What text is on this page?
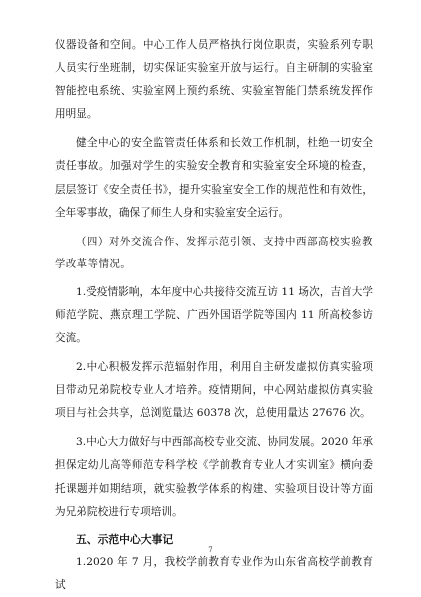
仪器设备和空间。中心工作人员严格执行岗位职责，实验系列专职人员实行坐班制，切实保证实验室开放与运行。自主研制的实验室智能控电系统、实验室网上预约系统、实验室智能门禁系统发挥作用明显。

健全中心的安全监管责任体系和长效工作机制，杜绝一切安全责任事故。加强对学生的实验安全教育和实验室安全环境的检查，层层签订《安全责任书》，提升实验室安全工作的规范性和有效性，全年零事故，确保了师生人身和实验室安全运行。

（四）对外交流合作、发挥示范引领、支持中西部高校实验教学改革等情况。

1.受疫情影响，本年度中心共接待交流互访 11 场次，吉首大学师范学院、燕京理工学院、广西外国语学院等国内 11 所高校参访交流。

2.中心积极发挥示范辐射作用，利用自主研发虚拟仿真实验项目带动兄弟院校专业人才培养。疫情期间，中心网站虚拟仿真实验项目与社会共享，总浏览量达 60378 次，总使用量达 27676 次。

3.中心大力做好与中西部高校专业交流、协同发展。2020 年承担保定幼儿高等师范专科学校《学前教育专业人才实训室》横向委托课题并如期结项，就实验教学体系的构建、实验项目设计等方面为兄弟院校进行专项培训。

五、示范中心大事记

1.2020 年 7 月，我校学前教育专业作为山东省高校学前教育试

7
